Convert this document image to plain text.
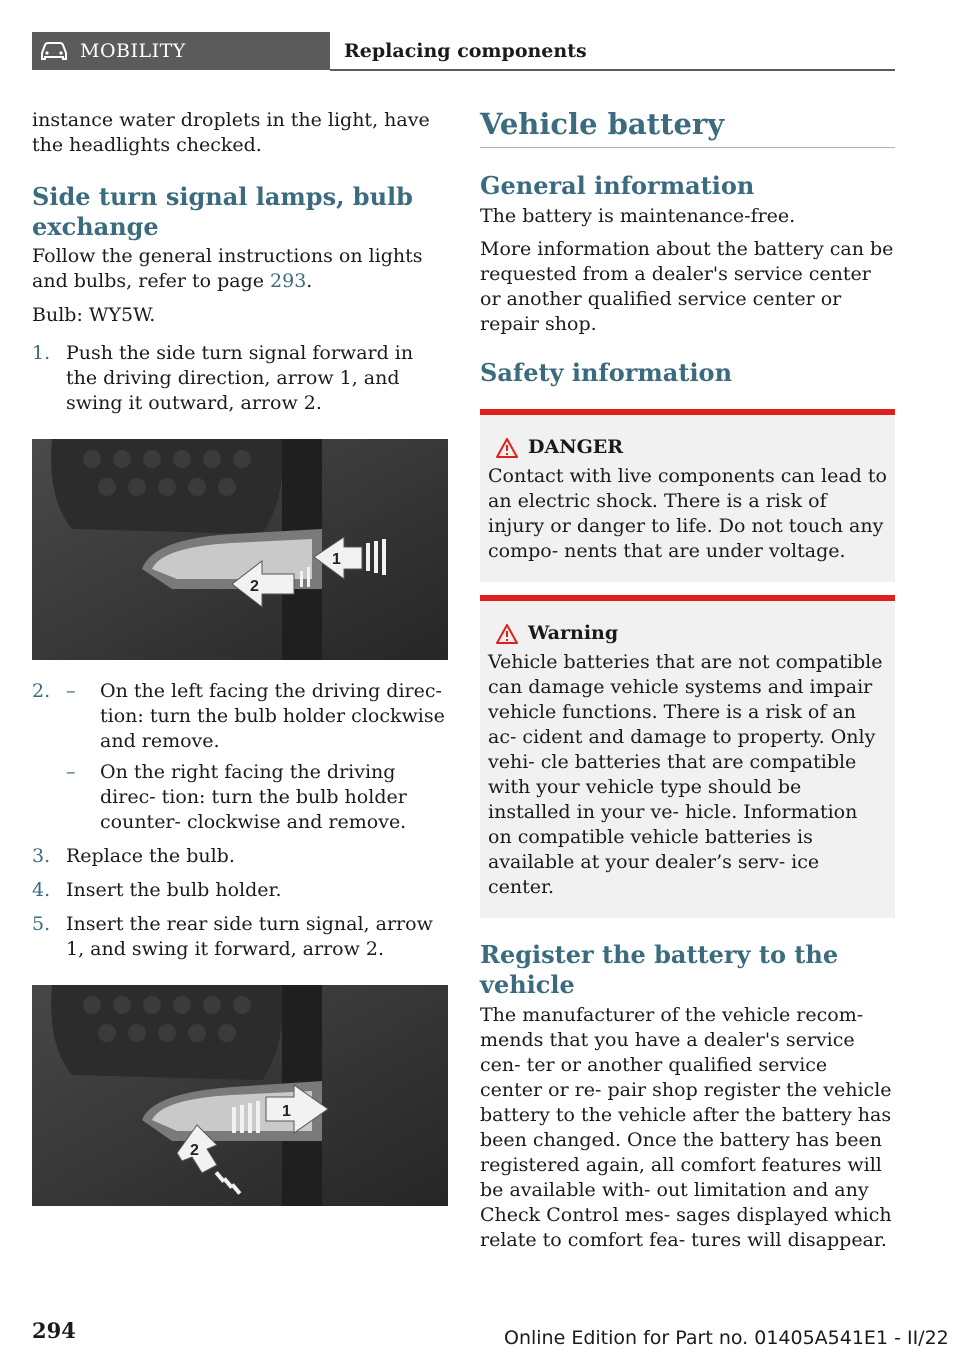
MOBILITY	Replacing components

instance water droplets in the light, have the headlights checked.

Side turn signal lamps, bulb exchange

Follow the general instructions on lights and bulbs, refer to page 293.

Bulb: WY5W.

1. Push the side turn signal forward in the driving direction, arrow 1, and swing it outward, arrow 2.
2
1
2. – On the left facing the driving direc‐ tion: turn the bulb holder clockwise and remove.
– On the right facing the driving direc‐ tion: turn the bulb holder counter‐ clockwise and remove.
3. Replace the bulb.
4. Insert the bulb holder.
5. Insert the rear side turn signal, arrow 1, and swing it forward, arrow 2.
1
2
Vehicle battery
General information

The battery is maintenance-free.

More information about the battery can be requested from a dealer's service center or another qualified service center or repair shop.

Safety information
DANGER

Contact with live components can lead to an electric shock. There is a risk of injury or danger to life. Do not touch any compo‐ nents that are under voltage.

Warning

Vehicle batteries that are not compatible can damage vehicle systems and impair vehicle functions. There is a risk of an ac‐ cident and damage to property. Only vehi‐ cle batteries that are compatible with your vehicle type should be installed in your ve‐ hicle. Information on compatible vehicle batteries is available at your dealer’s serv‐ ice center.

Register the battery to the vehicle

The manufacturer of the vehicle recom‐ mends that you have a dealer's service cen‐ ter or another qualified service center or re‐ pair shop register the vehicle battery to the vehicle after the battery has been changed. Once the battery has been registered again, all comfort features will be available with‐ out limitation and any Check Control mes‐ sages displayed which relate to comfort fea‐ tures will disappear.

294	Online Edition for Part no. 01405A541E1 - II/22
